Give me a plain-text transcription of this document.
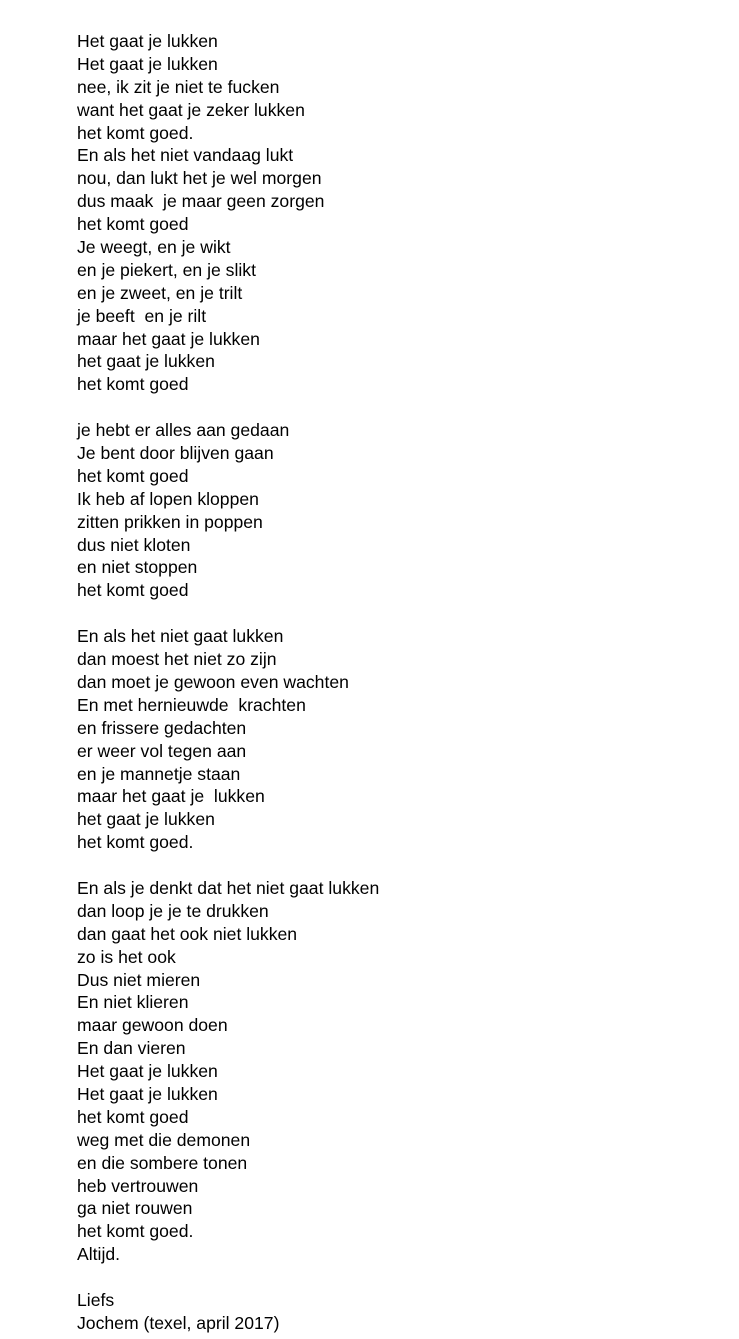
Het gaat je lukken
Het gaat je lukken
nee, ik zit je niet te fucken
want het gaat je zeker lukken
het komt goed.
En als het niet vandaag lukt
nou, dan lukt het je wel morgen
dus maak  je maar geen zorgen
het komt goed
Je weegt, en je wikt
en je piekert, en je slikt
en je zweet, en je trilt
je beeft  en je rilt
maar het gaat je lukken
het gaat je lukken
het komt goed
je hebt er alles aan gedaan
Je bent door blijven gaan
het komt goed
Ik heb af lopen kloppen
zitten prikken in poppen
dus niet kloten
en niet stoppen
het komt goed
En als het niet gaat lukken
dan moest het niet zo zijn
dan moet je gewoon even wachten
En met hernieuwde  krachten
en frissere gedachten
er weer vol tegen aan
en je mannetje staan
maar het gaat je  lukken
het gaat je lukken
het komt goed.
En als je denkt dat het niet gaat lukken
dan loop je je te drukken
dan gaat het ook niet lukken
zo is het ook
Dus niet mieren
En niet klieren
maar gewoon doen
En dan vieren
Het gaat je lukken
Het gaat je lukken
het komt goed
weg met die demonen
en die sombere tonen
heb vertrouwen
ga niet rouwen
het komt goed.
Altijd.
Liefs
Jochem (texel, april 2017)
